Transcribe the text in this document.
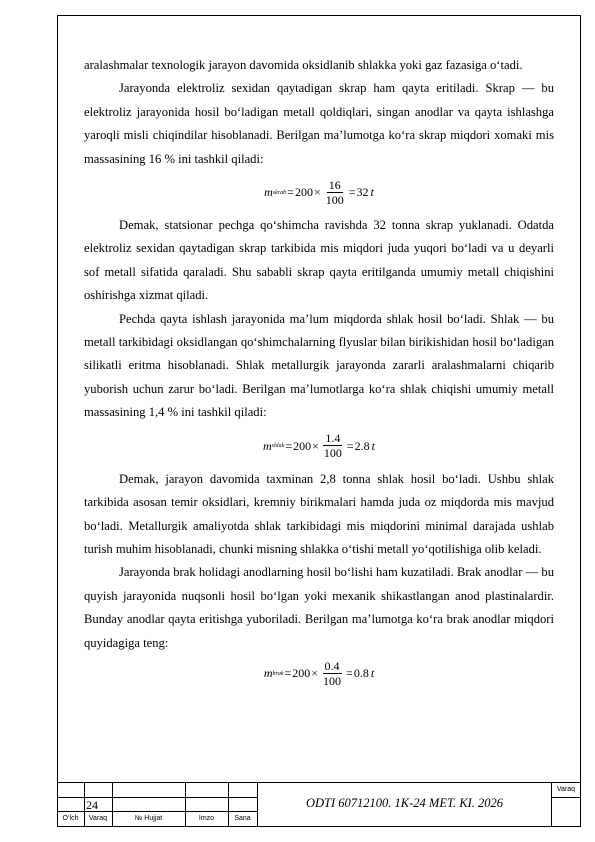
aralashmalar texnologik jarayon davomida oksidlanib shlakka yoki gaz fazasiga o‘tadi.

Jarayonda elektroliz sexidan qaytadigan skrap ham qayta eritiladi. Skrap — bu elektroliz jarayonida hosil bo‘ladigan metall qoldiqlari, singan anodlar va qayta ishlashga yaroqli misli chiqindilar hisoblanadi. Berilgan ma’lumotga ko‘ra skrap miqdori xomaki mis massasining 16 % ini tashkil qiladi:

m skrab = $200 \times \frac{16}{100} = 32$ t

Demak, statsionar pechga qo‘shimcha ravishda 32 tonna skrap yuklanadi. Odatda elektroliz sexidan qaytadigan skrap tarkibida mis miqdori juda yuqori bo‘ladi va u deyarli sof metall sifatida qaraladi. Shu sababli skrap qayta eritilganda umumiy metall chiqishini oshirishga xizmat qiladi.

Pechda qayta ishlash jarayonida ma’lum miqdorda shlak hosil bo‘ladi. Shlak — bu metall tarkibidagi oksidlangan qo‘shimchalarning flyuslar bilan birikishidan hosil bo‘ladigan silikatli eritma hisoblanadi. Shlak metallurgik jarayonda zararli aralashmalarni chiqarib yuborish uchun zarur bo‘ladi. Berilgan ma’lumotlarga ko‘ra shlak chiqishi umumiy metall massasining 1,4 % ini tashkil qiladi:

m shlak = $200 \times \frac{1.4}{100} = 2.8$ t

Demak, jarayon davomida taxminan 2,8 tonna shlak hosil bo‘ladi. Ushbu shlak tarkibida asosan temir oksidlari, kremniy birikmalari hamda juda oz miqdorda mis mavjud bo‘ladi. Metallurgik amaliyotda shlak tarkibidagi mis miqdorini minimal darajada ushlab turish muhim hisoblanadi, chunki misning shlakka o‘tishi metall yo‘qotilishiga olib keladi.

Jarayonda brak holidagi anodlarning hosil bo‘lishi ham kuzatiladi. Brak anodlar — bu quyish jarayonida nuqsonli hosil bo‘lgan yoki mexanik shikastlangan anod plastinalardir. Bunday anodlar qayta eritishga yuboriladi. Berilgan ma’lumotga ko‘ra brak anodlar miqdori quyidagiga teng:

m brak = $200 \times \frac{0.4}{100} = 0.8$ t
24	ODTI 60712100. 1K-24 MET. KI. 2026
Varaq
O‘lch	Varaq	№ Hujjat	Imzo	Sana
